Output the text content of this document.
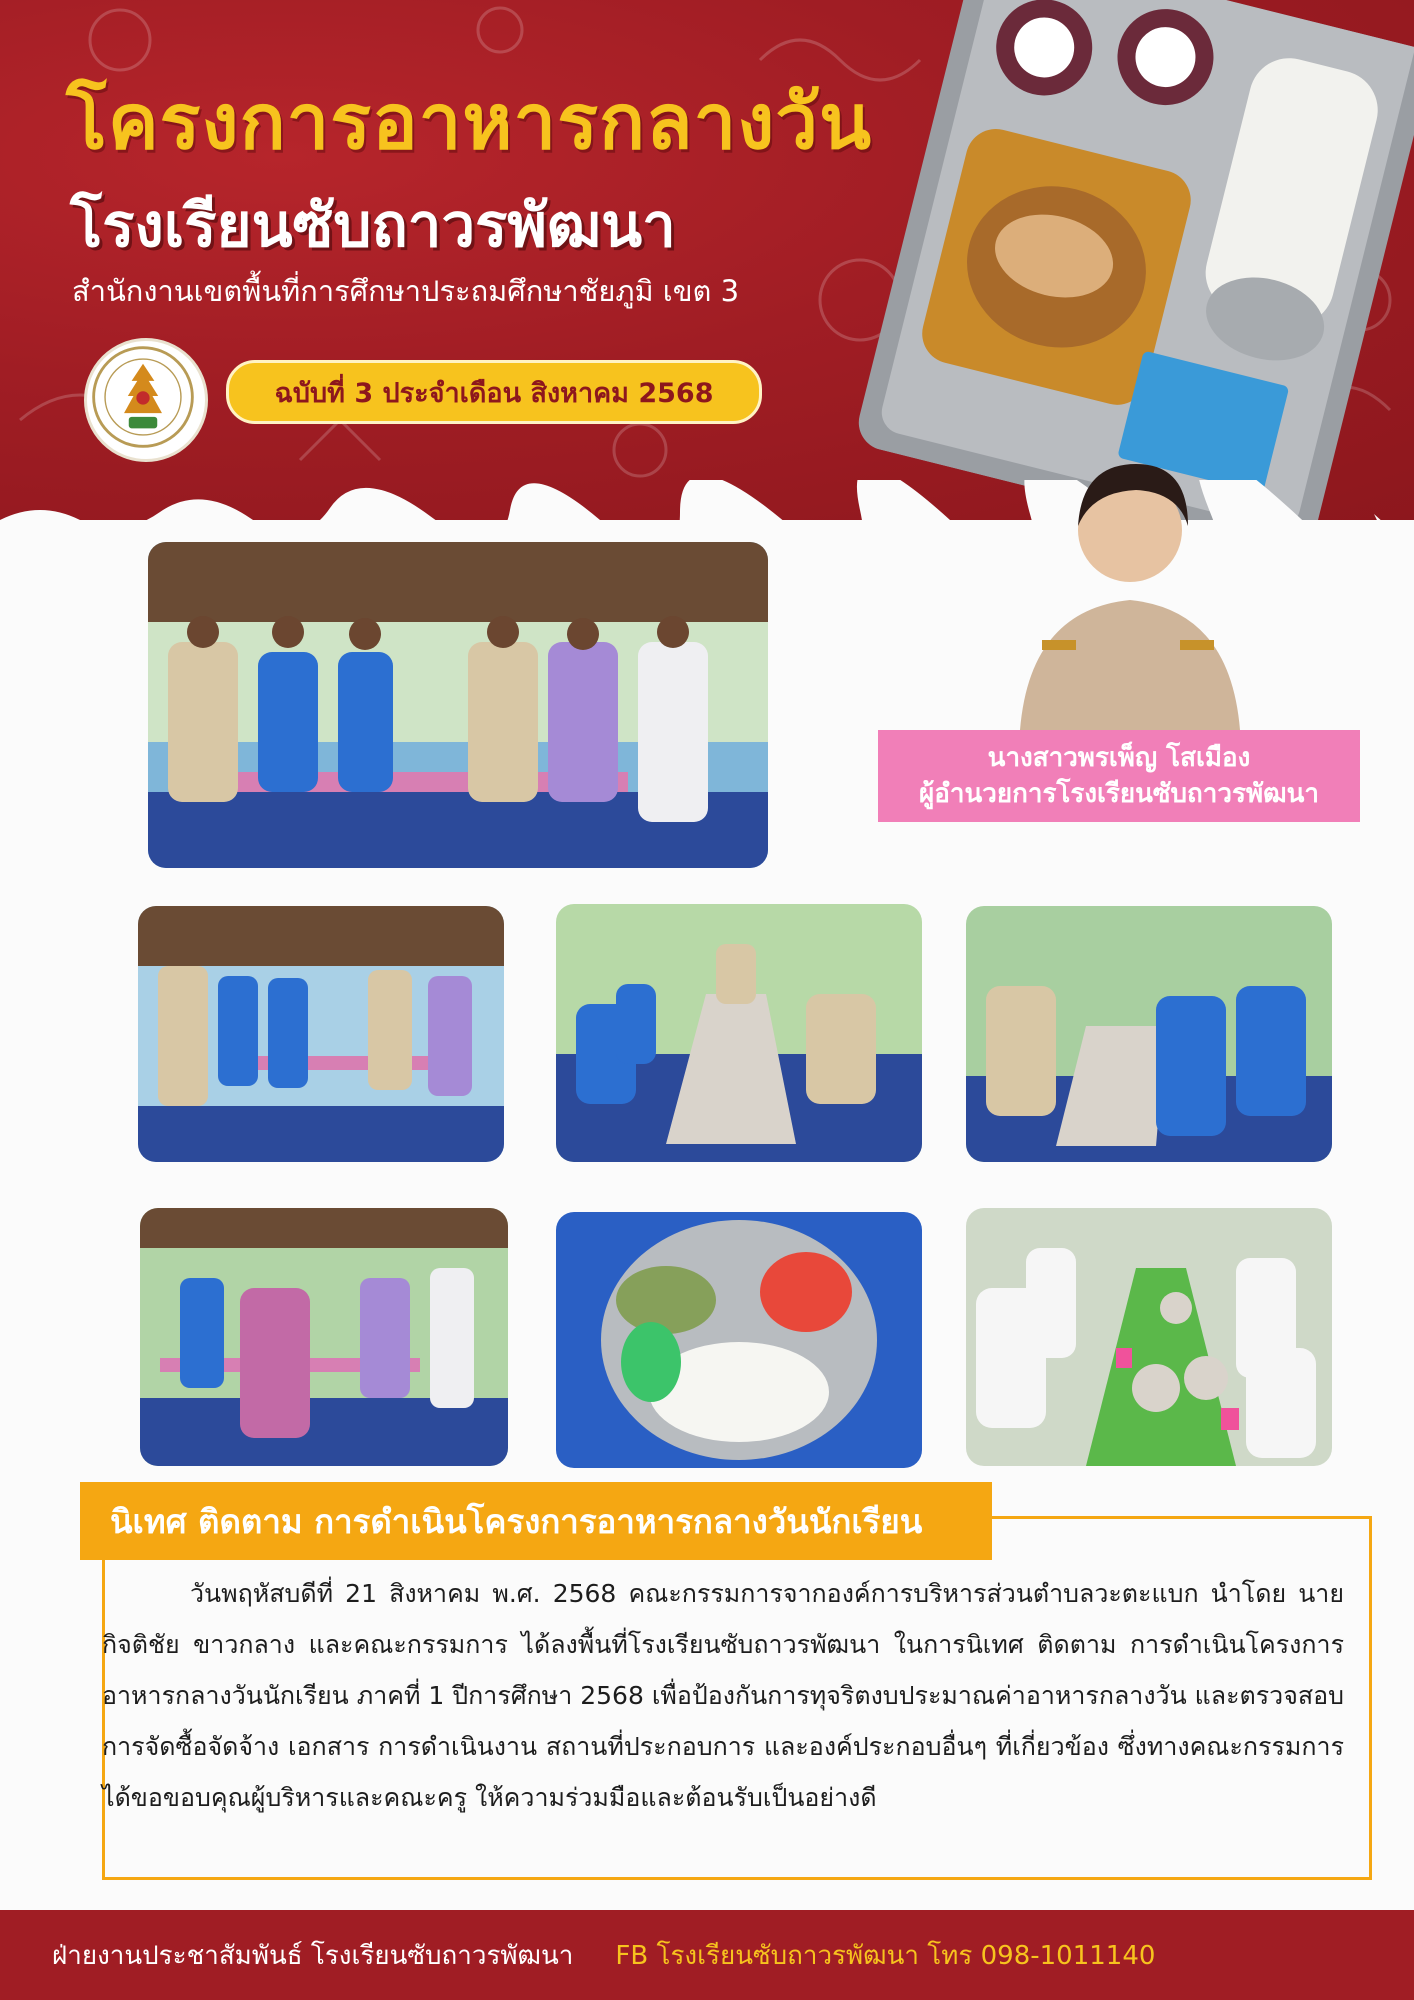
โครงการอาหารกลางวัน
โรงเรียนซับถาวรพัฒนา

สำนักงานเขตพื้นที่การศึกษาประถมศึกษาชัยภูมิ เขต 3

ฉบับที่ 3 ประจำเดือน สิงหาคม 2568
นางสาวพรเพ็ญ โสเมือง
ผู้อำนวยการโรงเรียนซับถาวรพัฒนา
นิเทศ ติดตาม การดำเนินโครงการอาหารกลางวันนักเรียน

วันพฤหัสบดีที่ 21 สิงหาคม พ.ศ. 2568 คณะกรรมการจากองค์การบริหารส่วนตำบลวะตะแบก นำโดย นายกิจติชัย ขาวกลาง และคณะกรรมการ ได้ลงพื้นที่โรงเรียนซับถาวรพัฒนา ในการนิเทศ ติดตาม การดำเนินโครงการอาหารกลางวันนักเรียน ภาคที่ 1 ปีการศึกษา 2568 เพื่อป้องกันการทุจริตงบประมาณค่าอาหารกลางวัน และตรวจสอบการจัดซื้อจัดจ้าง เอกสาร การดำเนินงาน สถานที่ประกอบการ และองค์ประกอบอื่นๆ ที่เกี่ยวข้อง ซึ่งทางคณะกรรมการได้ขอขอบคุณผู้บริหารและคณะครู ให้ความร่วมมือและต้อนรับเป็นอย่างดี

ฝ่ายงานประชาสัมพันธ์ โรงเรียนซับถาวรพัฒนา FB โรงเรียนซับถาวรพัฒนา โทร 098-1011140
